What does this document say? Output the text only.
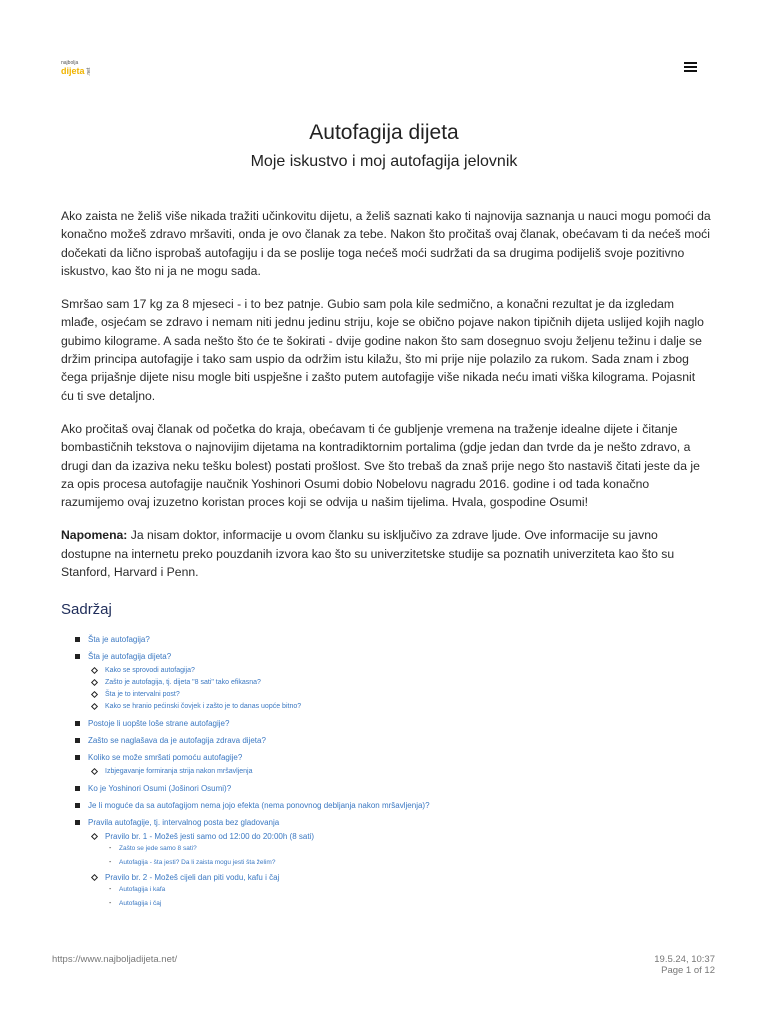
najbolja
dijeta .net
Autofagija dijeta
Moje iskustvo i moj autofagija jelovnik

Ako zaista ne želiš više nikada tražiti učinkovitu dijetu, a želiš saznati kako ti najnovija saznanja u nauci mogu pomoći da konačno možeš zdravo mršaviti, onda je ovo članak za tebe. Nakon što pročitaš ovaj članak, obećavam ti da nećeš moći dočekati da lično isprobaš autofagiju i da se poslije toga nećeš moći sudržati da sa drugima podijeliš svoje pozitivno iskustvo, kao što ni ja ne mogu sada.

Smršao sam 17 kg za 8 mjeseci - i to bez patnje. Gubio sam pola kile sedmično, a konačni rezultat je da izgledam mlađe, osjećam se zdravo i nemam niti jednu jedinu striju, koje se obično pojave nakon tipičnih dijeta uslijed kojih naglo gubimo kilograme. A sada nešto što će te šokirati - dvije godine nakon što sam dosegnuo svoju željenu težinu i dalje se držim principa autofagije i tako sam uspio da održim istu kilažu, što mi prije nije polazilo za rukom. Sada znam i zbog čega prijašnje dijete nisu mogle biti uspješne i zašto putem autofagije više nikada neću imati viška kilograma. Pojasnit ću ti sve detaljno.

Ako pročitaš ovaj članak od početka do kraja, obećavam ti će gubljenje vremena na traženje idealne dijete i čitanje bombastičnih tekstova o najnovijim dijetama na kontradiktornim portalima (gdje jedan dan tvrde da je nešto zdravo, a drugi dan da izaziva neku tešku bolest) postati prošlost. Sve što trebaš da znaš prije nego što nastaviš čitati jeste da je za opis procesa autofagije naučnik Yoshinori Osumi dobio Nobelovu nagradu 2016. godine i od tada konačno razumijemo ovaj izuzetno koristan proces koji se odvija u našim tijelima. Hvala, gospodine Osumi!

Napomena: Ja nisam doktor, informacije u ovom članku su isključivo za zdrave ljude. Ove informacije su javno dostupne na internetu preko pouzdanih izvora kao što su univerzitetske studije sa poznatih univerziteta kao što su Stanford, Harvard i Penn.

Sadržaj
Šta je autofagija?
Šta je autofagija dijeta?
Kako se sprovodi autofagija?
Zašto je autofagija, tj. dijeta "8 sati" tako efikasna?
Šta je to intervalni post?
Kako se hranio pećinski čovjek i zašto je to danas uopće bitno?
Postoje li uopšte loše strane autofagije?
Zašto se naglašava da je autofagija zdrava dijeta?
Koliko se može smršati pomoću autofagije?
Izbjegavanje formiranja strija nakon mršavljenja
Ko je Yoshinori Osumi (Jošinori Osumi)?
Je li moguće da sa autofagijom nema jojo efekta (nema ponovnog debljanja nakon mršavljenja)?
Pravila autofagije, tj. intervalnog posta bez gladovanja
Pravilo br. 1 - Možeš jesti samo od 12:00 do 20:00h (8 sati)
- Zašto se jede samo 8 sati?
- Autofagija - šta jesti? Da li zaista mogu jesti šta želim?
Pravilo br. 2 - Možeš cijeli dan piti vodu, kafu i čaj
- Autofagija i kafa
- Autofagija i čaj
https://www.najboljadijeta.net/	19.5.24, 10:37
Page 1 of 12
